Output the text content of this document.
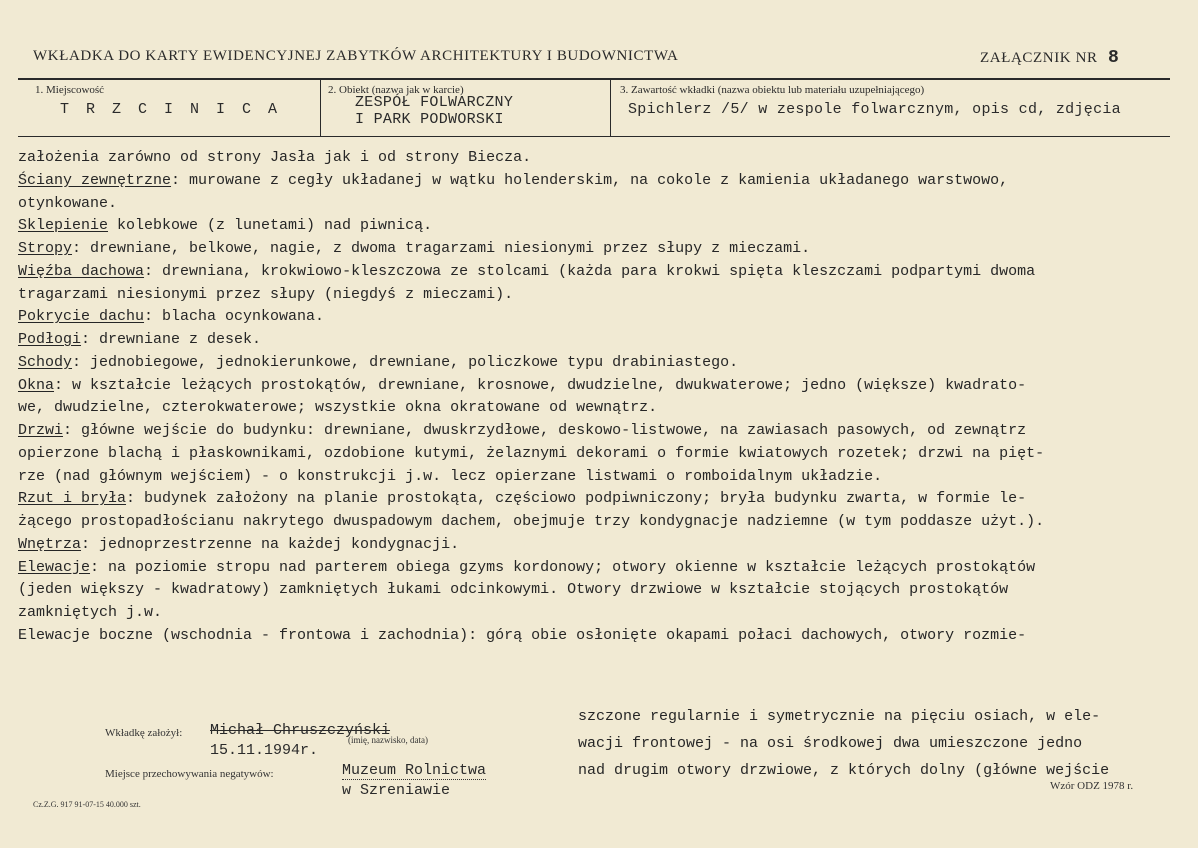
WKŁADKA DO KARTY EWIDENCYJNEJ ZABYTKÓW ARCHITEKTURY I BUDOWNICTWA	ZAŁĄCZNIK NR 8
1. Miejscowość
T R Z C I N I C A
2. Obiekt (nazwa jak w karcie)
ZESPÓŁ FOLWARCZNY
I PARK PODWORSKI
3. Zawartość wkładki (nazwa obiektu lub materiału uzupełniającego)
Spichlerz /5/ w zespole folwarcznym, opis cd, zdjęcia
założenia zarówno od strony Jasła jak i od strony Biecza.
Ściany zewnętrzne: murowane z cegły układanej w wątku holenderskim, na cokole z kamienia układanego warstwowo,
otynkowane.
Sklepienie kolebkowe (z lunetami) nad piwnicą.
Stropy: drewniane, belkowe, nagie, z dwoma tragarzami niesionymi przez słupy z mieczami.
Więźba dachowa: drewniana, krokwiowo-kleszczowa ze stolcami (każda para krokwi spięta kleszczami podpartymi dwoma
tragarzami niesionymi przez słupy (niegdyś z mieczami).
Pokrycie dachu: blacha ocynkowana.
Podłogi: drewniane z desek.
Schody: jednobiegowe, jednokierunkowe, drewniane, policzkowe typu drabiniastego.
Okna: w kształcie leżących prostokątów, drewniane, krosnowe, dwudzielne, dwukwaterowe; jedno (większe) kwadrato-
we, dwudzielne, czterokwaterowe; wszystkie okna okratowane od wewnątrz.
Drzwi: główne wejście do budynku: drewniane, dwuskrzydłowe, deskowo-listwowe, na zawiasach pasowych, od zewnątrz
opierzone blachą i płaskownikami, ozdobione kutymi, żelaznymi dekorami o formie kwiatowych rozetek; drzwi na pięt-
rze (nad głównym wejściem) - o konstrukcji j.w. lecz opierzane listwami o romboidalnym układzie.
Rzut i bryła: budynek założony na planie prostokąta, częściowo podpiwniczony; bryła budynku zwarta, w formie le-
żącego prostopadłościanu nakrytego dwuspadowym dachem, obejmuje trzy kondygnacje nadziemne (w tym poddasze użyt.).
Wnętrza: jednoprzestrzenne na każdej kondygnacji.
Elewacje: na poziomie stropu nad parterem obiega gzyms kordonowy; otwory okienne w kształcie leżących prostokątów
(jeden większy - kwadratowy) zamkniętych łukami odcinkowymi. Otwory drzwiowe w kształcie stojących prostokątów
zamkniętych j.w.
Elewacje boczne (wschodnia - frontowa i zachodnia): górą obie osłonięte okapami połaci dachowych, otwory rozmie-
szczone regularnie i symetrycznie na pięciu osiach, w ele-
wacji frontowej - na osi środkowej dwa umieszczone jedno
nad drugim otwory drzwiowe, z których dolny (główne wejście
Wkładkę założył: Michał Chruszczyński
(imię, nazwisko, data)
15.11.1994r.
Miejsce przechowywania negatywów:	Muzeum Rolnictwa
w Szreniawie
Cz.Z.G. 917 91-07-15 40.000 szt.
Wzór ODZ 1978 r.
